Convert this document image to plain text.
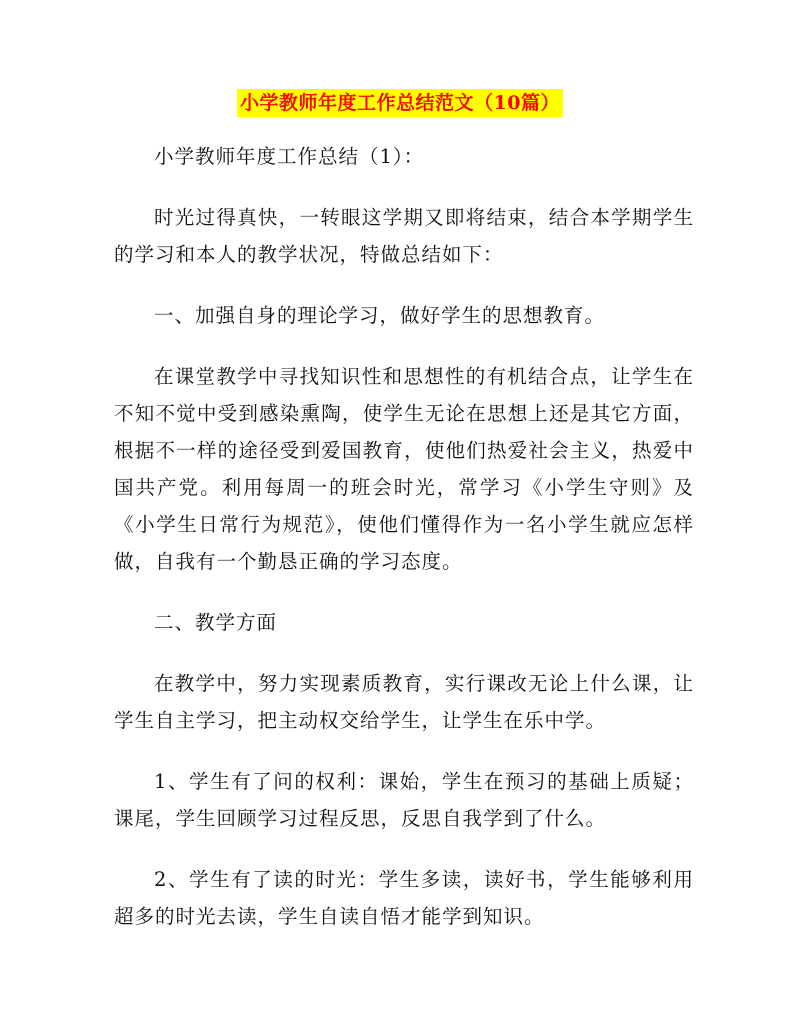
小学教师年度工作总结范文（10篇）

小学教师年度工作总结（1）：

时光过得真快，一转眼这学期又即将结束，结合本学期学生的学习和本人的教学状况，特做总结如下：

一、加强自身的理论学习，做好学生的思想教育。

在课堂教学中寻找知识性和思想性的有机结合点，让学生在不知不觉中受到感染熏陶，使学生无论在思想上还是其它方面，根据不一样的途径受到爱国教育，使他们热爱社会主义，热爱中国共产党。利用每周一的班会时光，常学习《小学生守则》及《小学生日常行为规范》，使他们懂得作为一名小学生就应怎样做，自我有一个勤恳正确的学习态度。

二、教学方面

在教学中，努力实现素质教育，实行课改无论上什么课，让学生自主学习，把主动权交给学生，让学生在乐中学。

1、学生有了问的权利：课始，学生在预习的基础上质疑；课尾，学生回顾学习过程反思，反思自我学到了什么。

2、学生有了读的时光：学生多读，读好书，学生能够利用超多的时光去读，学生自读自悟才能学到知识。
